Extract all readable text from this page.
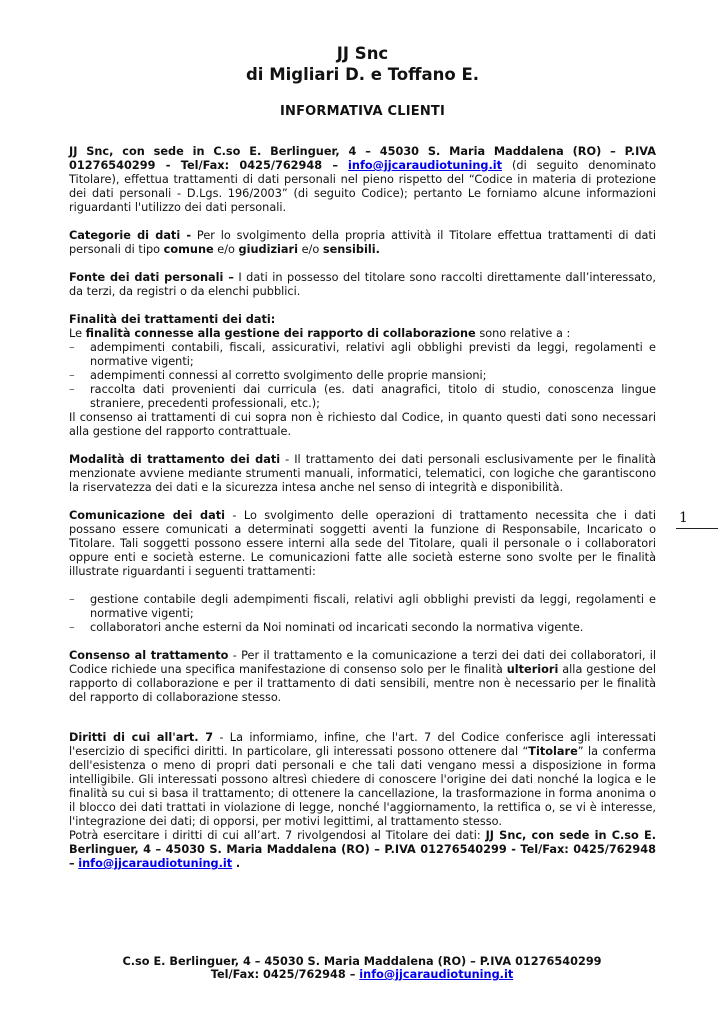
JJ Snc
di Migliari D. e Toffano E.
INFORMATIVA CLIENTI
JJ Snc, con sede in C.so E. Berlinguer, 4 – 45030 S. Maria Maddalena (RO) – P.IVA 01276540299 - Tel/Fax: 0425/762948 – info@jjcaraudiotuning.it (di seguito denominato Titolare), effettua trattamenti di dati personali nel pieno rispetto del “Codice in materia di protezione dei dati personali - D.Lgs. 196/2003” (di seguito Codice); pertanto Le forniamo alcune informazioni riguardanti l'utilizzo dei dati personali.
Categorie di dati - Per lo svolgimento della propria attività il Titolare effettua trattamenti di dati personali di tipo comune e/o giudiziari e/o sensibili.
Fonte dei dati personali – I dati in possesso del titolare sono raccolti direttamente dall’interessato, da terzi, da registri o da elenchi pubblici.
Finalità dei trattamenti dei dati:
Le finalità connesse alla gestione dei rapporto di collaborazione sono relative a :
– adempimenti contabili, fiscali, assicurativi, relativi agli obblighi previsti da leggi, regolamenti e normative vigenti;
– adempimenti connessi al corretto svolgimento delle proprie mansioni;
– raccolta dati provenienti dai curricula (es. dati anagrafici, titolo di studio, conoscenza lingue straniere, precedenti professionali, etc.);
Il consenso ai trattamenti di cui sopra non è richiesto dal Codice, in quanto questi dati sono necessari alla gestione del rapporto contrattuale.
Modalità di trattamento dei dati - Il trattamento dei dati personali esclusivamente per le finalità menzionate avviene mediante strumenti manuali, informatici, telematici, con logiche che garantiscono la riservatezza dei dati e la sicurezza intesa anche nel senso di integrità e disponibilità.
Comunicazione dei dati - Lo svolgimento delle operazioni di trattamento necessita che i dati possano essere comunicati a determinati soggetti aventi la funzione di Responsabile, Incaricato o Titolare. Tali soggetti possono essere interni alla sede del Titolare, quali il personale o i collaboratori oppure enti e società esterne. Le comunicazioni fatte alle società esterne sono svolte per le finalità illustrate riguardanti i seguenti trattamenti:
– gestione contabile degli adempimenti fiscali, relativi agli obblighi previsti da leggi, regolamenti e normative vigenti;
– collaboratori anche esterni da Noi nominati od incaricati secondo la normativa vigente.
Consenso al trattamento - Per il trattamento e la comunicazione a terzi dei dati dei collaboratori, il Codice richiede una specifica manifestazione di consenso solo per le finalità ulteriori alla gestione del rapporto di collaborazione e per il trattamento di dati sensibili, mentre non è necessario per le finalità del rapporto di collaborazione stesso.
Diritti di cui all'art. 7 - La informiamo, infine, che l'art. 7 del Codice conferisce agli interessati l'esercizio di specifici diritti. In particolare, gli interessati possono ottenere dal “Titolare” la conferma dell'esistenza o meno di propri dati personali e che tali dati vengano messi a disposizione in forma intelligibile. Gli interessati possono altresì chiedere di conoscere l'origine dei dati nonché la logica e le finalità su cui si basa il trattamento; di ottenere la cancellazione, la trasformazione in forma anonima o il blocco dei dati trattati in violazione di legge, nonché l'aggiornamento, la rettifica o, se vi è interesse, l'integrazione dei dati; di opporsi, per motivi legittimi, al trattamento stesso.
Potrà esercitare i diritti di cui all’art. 7 rivolgendosi al Titolare dei dati: JJ Snc, con sede in C.so E. Berlinguer, 4 – 45030 S. Maria Maddalena (RO) – P.IVA 01276540299 - Tel/Fax: 0425/762948 – info@jjcaraudiotuning.it .
1
C.so E. Berlinguer, 4 – 45030 S. Maria Maddalena (RO) – P.IVA 01276540299
Tel/Fax: 0425/762948 – info@jjcaraudiotuning.it
